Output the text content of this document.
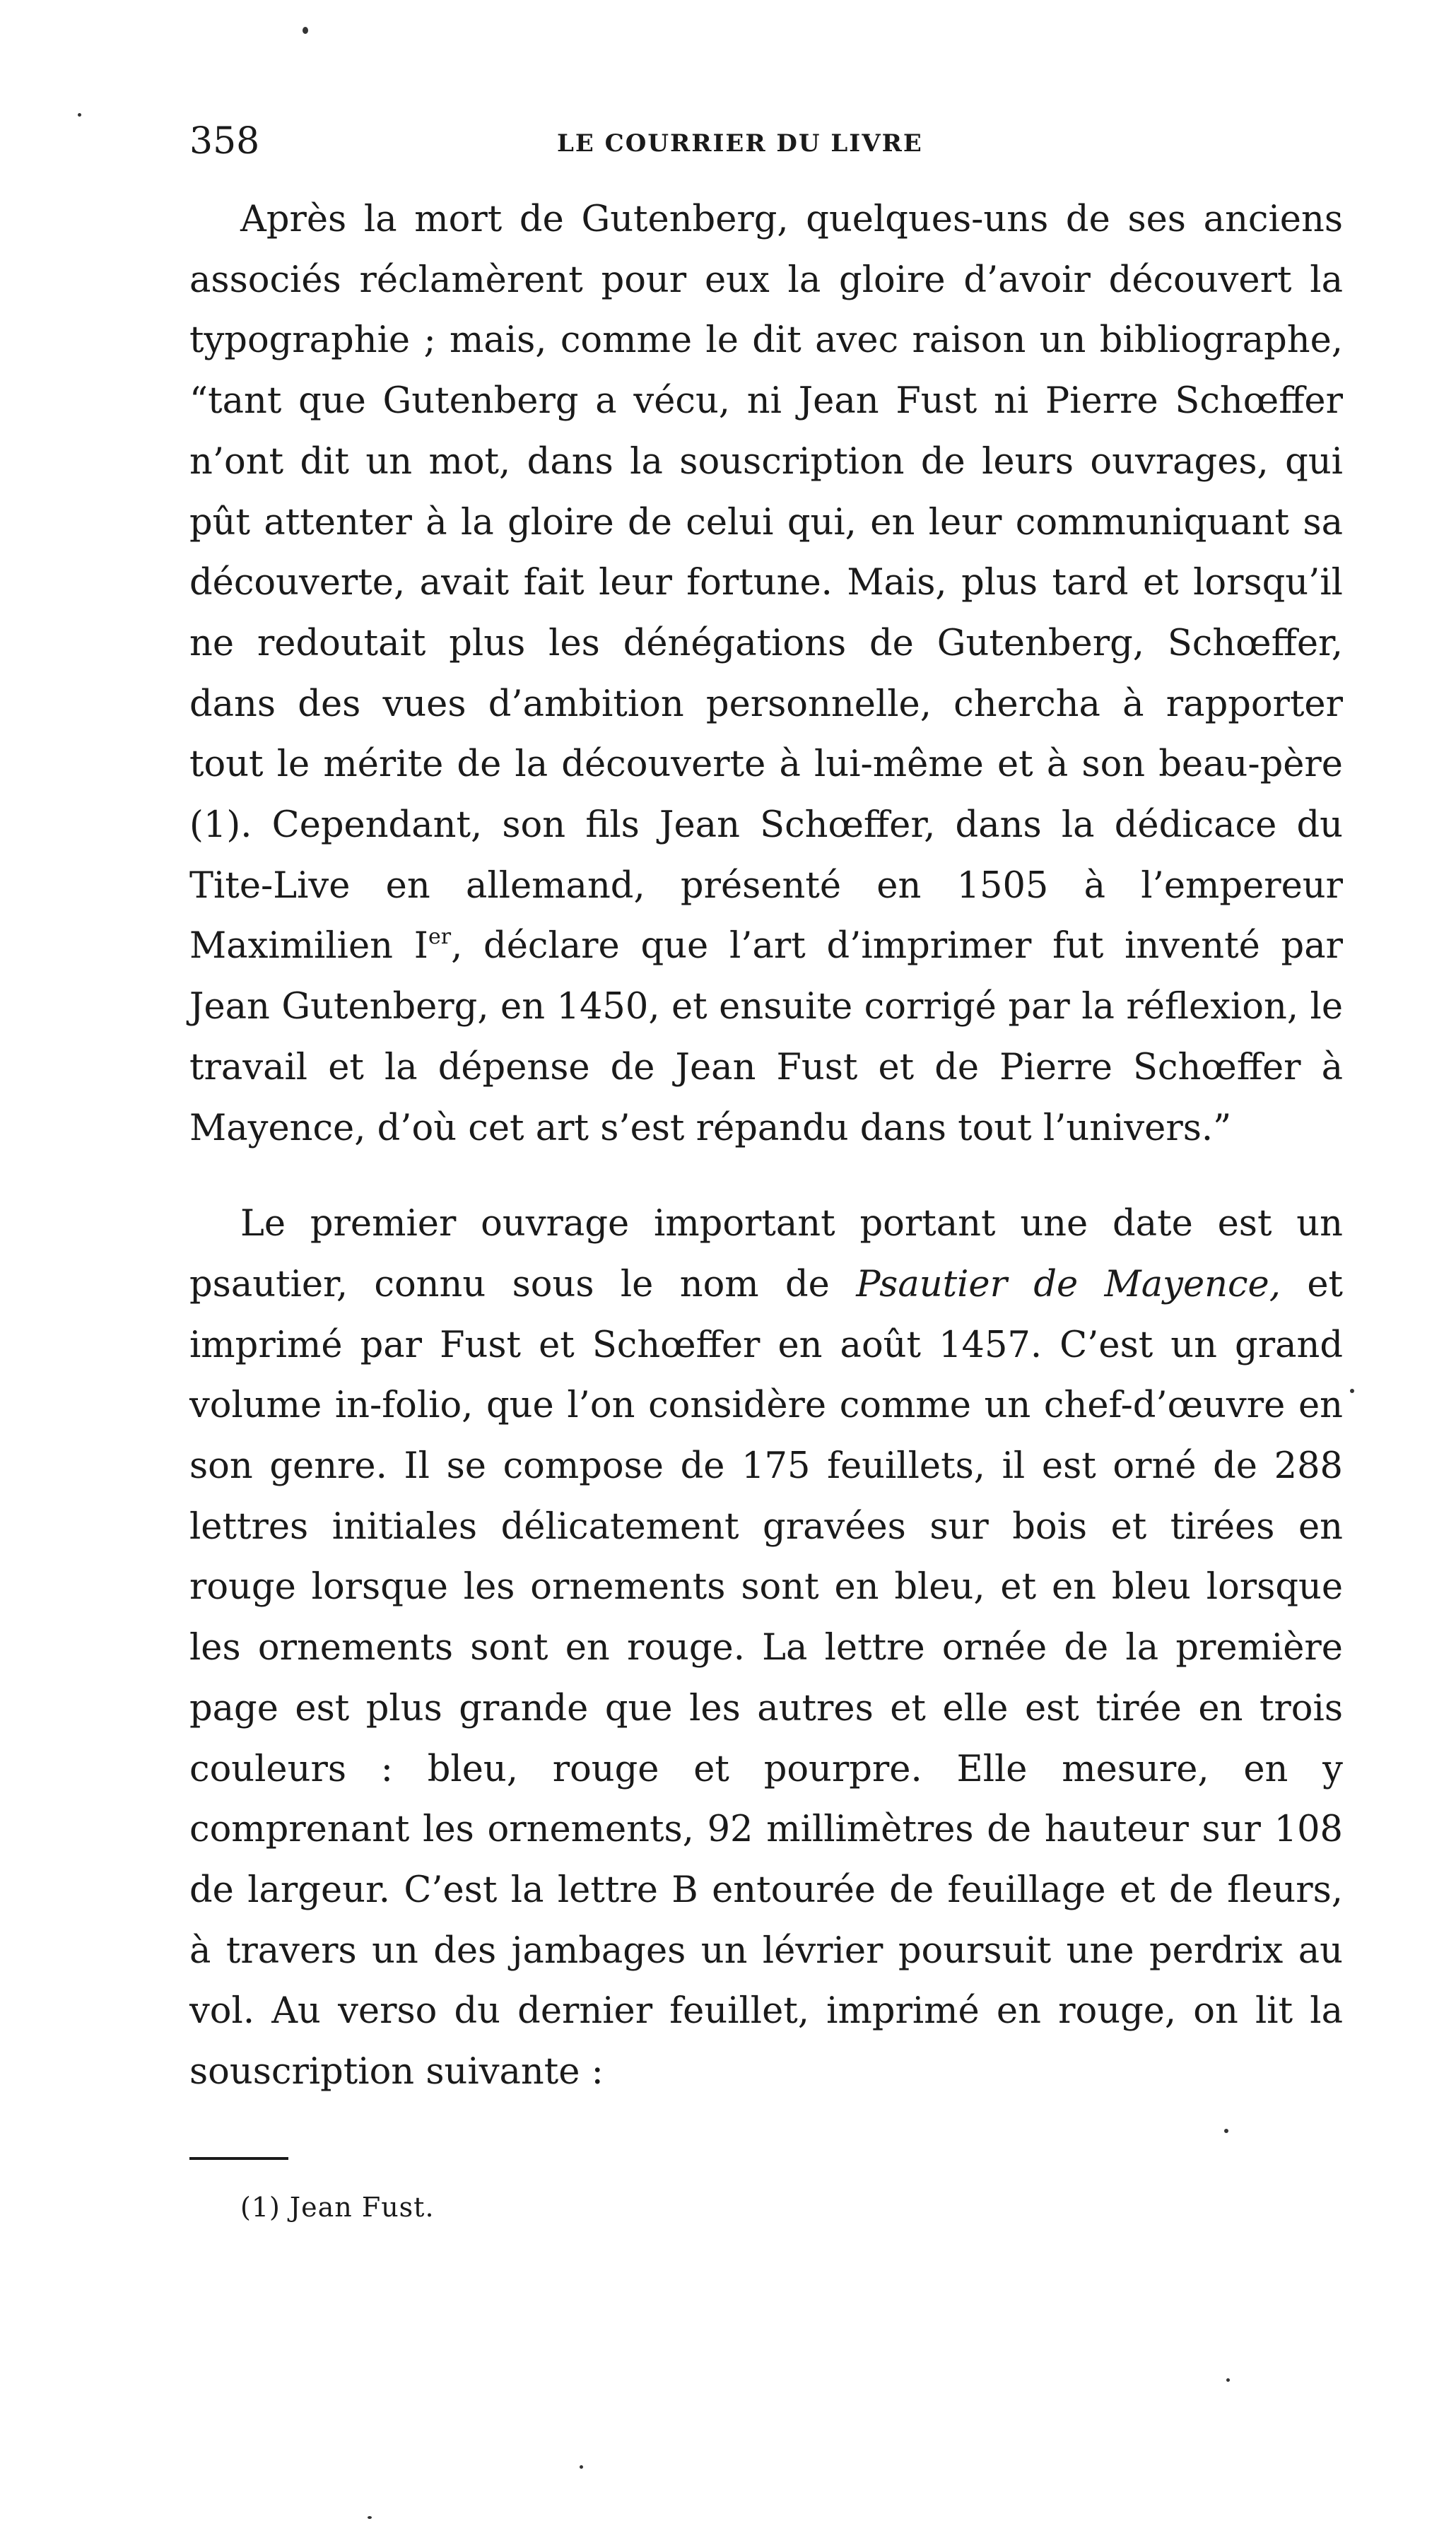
358	LE COURRIER DU LIVRE

Après la mort de Gutenberg, quelques-uns de ses anciens associés réclamèrent pour eux la gloire d’avoir découvert la typographie ; mais, comme le dit avec raison un bibliographe, “tant que Gutenberg a vécu, ni Jean Fust ni Pierre Schœffer n’ont dit un mot, dans la souscription de leurs ouvrages, qui pût attenter à la gloire de celui qui, en leur communiquant sa découverte, avait fait leur fortune. Mais, plus tard et lorsqu’il ne redoutait plus les dénégations de Gutenberg, Schœffer, dans des vues d’ambition personnelle, chercha à rapporter tout le mérite de la découverte à lui-même et à son beau-père (1). Cependant, son fils Jean Schœffer, dans la dédicace du Tite-Live en allemand, présenté en 1505 à l’empereur Maximilien Ier, déclare que l’art d’imprimer fut inventé par Jean Gutenberg, en 1450, et ensuite corrigé par la réflexion, le travail et la dépense de Jean Fust et de Pierre Schœffer à Mayence, d’où cet art s’est répandu dans tout l’univers.”

Le premier ouvrage important portant une date est un psautier, connu sous le nom de Psautier de Mayence, et imprimé par Fust et Schœffer en août 1457. C’est un grand volume in-folio, que l’on considère comme un chef-d’œuvre en son genre. Il se compose de 175 feuillets, il est orné de 288 lettres initiales délicatement gravées sur bois et tirées en rouge lorsque les ornements sont en bleu, et en bleu lorsque les ornements sont en rouge. La lettre ornée de la première page est plus grande que les autres et elle est tirée en trois couleurs : bleu, rouge et pourpre. Elle mesure, en y comprenant les ornements, 92 millimètres de hauteur sur 108 de largeur. C’est la lettre B entourée de feuillage et de fleurs, à travers un des jambages un lévrier poursuit une perdrix au vol. Au verso du dernier feuillet, imprimé en rouge, on lit la souscription suivante :

(1) Jean Fust.
